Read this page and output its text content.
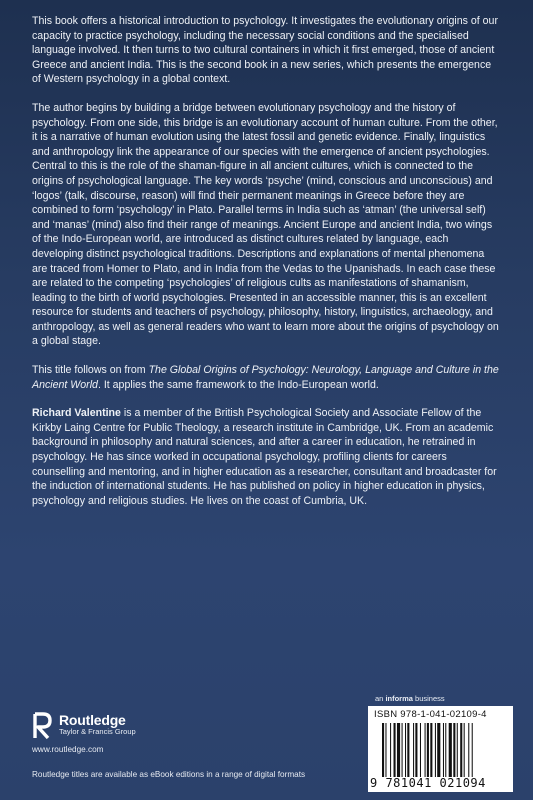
This book offers a historical introduction to psychology. It investigates the evolutionary origins of our capacity to practice psychology, including the necessary social conditions and the specialised language involved. It then turns to two cultural containers in which it first emerged, those of ancient Greece and ancient India. This is the second book in a new series, which presents the emergence of Western psychology in a global context.

The author begins by building a bridge between evolutionary psychology and the history of psychology. From one side, this bridge is an evolutionary account of human culture. From the other, it is a narrative of human evolution using the latest fossil and genetic evidence. Finally, linguistics and anthropology link the appearance of our species with the emergence of ancient psychologies. Central to this is the role of the shaman-figure in all ancient cultures, which is connected to the origins of psychological language. The key words ‘psyche’ (mind, conscious and unconscious) and ‘logos’ (talk, discourse, reason) will find their permanent meanings in Greece before they are combined to form ‘psychology’ in Plato. Parallel terms in India such as ‘atman’ (the universal self) and ‘manas’ (mind) also find their range of meanings. Ancient Europe and ancient India, two wings of the Indo-European world, are introduced as distinct cultures related by language, each developing distinct psychological traditions. Descriptions and explanations of mental phenomena are traced from Homer to Plato, and in India from the Vedas to the Upanishads. In each case these are related to the competing ‘psychologies’ of religious cults as manifestations of shamanism, leading to the birth of world psychologies. Presented in an accessible manner, this is an excellent resource for students and teachers of psychology, philosophy, history, linguistics, archaeology, and anthropology, as well as general readers who want to learn more about the origins of psychology on a global stage.

This title follows on from The Global Origins of Psychology: Neurology, Language and Culture in the Ancient World. It applies the same framework to the Indo-European world.

Richard Valentine is a member of the British Psychological Society and Associate Fellow of the Kirkby Laing Centre for Public Theology, a research institute in Cambridge, UK. From an academic background in philosophy and natural sciences, and after a career in education, he retrained in psychology. He has since worked in occupational psychology, profiling clients for careers counselling and mentoring, and in higher education as a researcher, consultant and broadcaster for the induction of international students. He has published on policy in higher education in physics, psychology and religious studies. He lives on the coast of Cumbria, UK.

Routledge
Taylor & Francis Group
www.routledge.com
Routledge titles are available as eBook editions in a range of digital formats
an informa business
ISBN 978-1-041-02109-4
9 781041 021094
